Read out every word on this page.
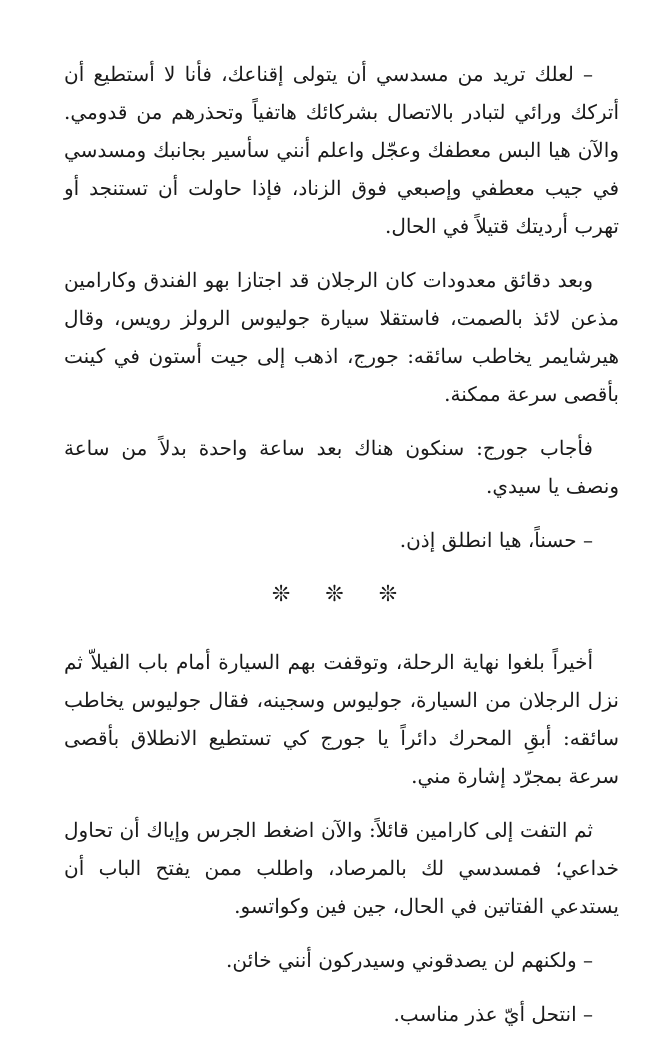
– لعلك تريد من مسدسي أن يتولى إقناعك، فأنا لا أستطيع أن أتركك ورائي لتبادر بالاتصال بشركائك هاتفياً وتحذرهم من قدومي. والآن هيا البس معطفك وعجّل واعلم أنني سأسير بجانبك ومسدسي في جيب معطفي وإصبعي فوق الزناد، فإذا حاولت أن تستنجد أو تهرب أرديتك قتيلاً في الحال.

وبعد دقائق معدودات كان الرجلان قد اجتازا بهو الفندق وكارامين مذعن لائذ بالصمت، فاستقلا سيارة جوليوس الرولز رويس، وقال هيرشايمر يخاطب سائقه: جورج، اذهب إلى جيت أستون في كينت بأقصى سرعة ممكنة.

فأجاب جورج: سنكون هناك بعد ساعة واحدة بدلاً من ساعة ونصف يا سيدي.

– حسناً، هيا انطلق إذن.

❊ ❊ ❊

أخيراً بلغوا نهاية الرحلة، وتوقفت بهم السيارة أمام باب الفيلاّ ثم نزل الرجلان من السيارة، جوليوس وسجينه، فقال جوليوس يخاطب سائقه: أبقِ المحرك دائراً يا جورج كي تستطيع الانطلاق بأقصى سرعة بمجرّد إشارة مني.

ثم التفت إلى كارامين قائلاً: والآن اضغط الجرس وإياك أن تحاول خداعي؛ فمسدسي لك بالمرصاد، واطلب ممن يفتح الباب أن يستدعي الفتاتين في الحال، جين فين وكواتسو.

– ولكنهم لن يصدقوني وسيدركون أنني خائن.

– انتحل أيّ عذر مناسب.
